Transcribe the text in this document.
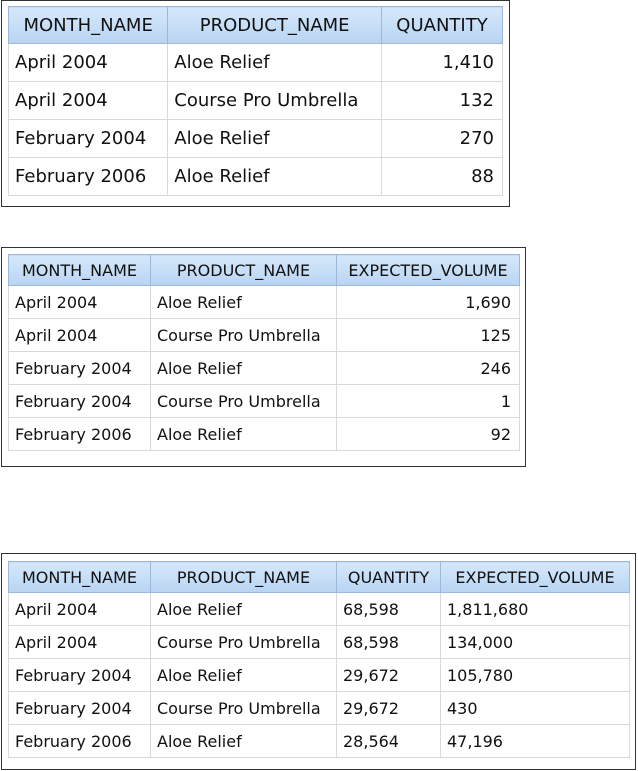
MONTH_NAME	PRODUCT_NAME	QUANTITY
April 2004	Aloe Relief	1,410
April 2004	Course Pro Umbrella	132
February 2004	Aloe Relief	270
February 2006	Aloe Relief	88
MONTH_NAME	PRODUCT_NAME	EXPECTED_VOLUME
April 2004	Aloe Relief	1,690
April 2004	Course Pro Umbrella	125
February 2004	Aloe Relief	246
February 2004	Course Pro Umbrella	1
February 2006	Aloe Relief	92
MONTH_NAME	PRODUCT_NAME	QUANTITY	EXPECTED_VOLUME
April 2004	Aloe Relief	68,598	1,811,680
April 2004	Course Pro Umbrella	68,598	134,000
February 2004	Aloe Relief	29,672	105,780
February 2004	Course Pro Umbrella	29,672	430
February 2006	Aloe Relief	28,564	47,196
